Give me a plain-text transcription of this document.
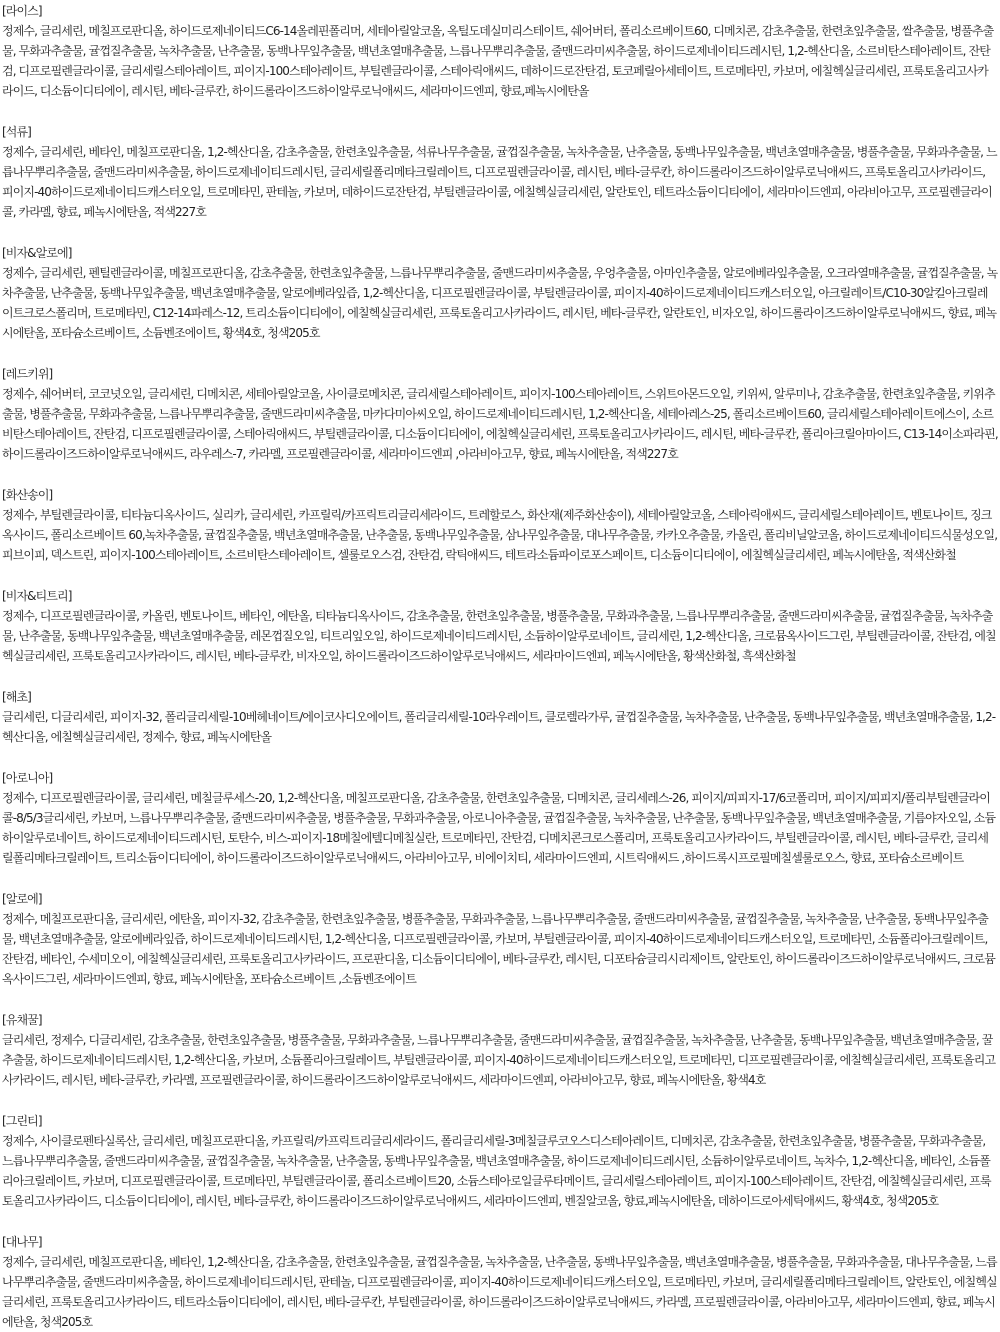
[라이스]
정제수, 글리세린, 메칠프로판디올, 하이드로제네이티드C6-14올레핀폴리머, 세테아릴알코올, 옥틸도데실미리스테이트, 쉐어버터, 폴리소르베이트60, 디메치콘, 감초추출물, 한련초잎추출물, 쌀추출물, 병풀추출물, 무화과추출물, 귤껍질추출물, 녹차추출물, 난추출물, 동백나무잎추출물, 백년초열매추출물, 느릅나무뿌리추출물, 줄맨드라미씨추출물, 하이드로제네이티드레시틴, 1,2-헥산디올, 소르비탄스테아레이트, 잔탄검, 디프로필렌글라이콜, 글리세릴스테아레이트, 피이지-100스테아레이트, 부틸렌글라이콜, 스테아릭애씨드, 데하이드로잔탄검, 토코페릴아세테이트, 트로메타민, 카보머, 에칠헥실글리세린, 프룩토올리고사카라이드, 디소듐이디티에이, 레시틴, 베타-글루칸, 하이드롤라이즈드하이알루로닉애씨드, 세라마이드엔피, 향료,페녹시에탄올
[석류]
정제수, 글리세린, 베타인, 메칠프로판디올, 1,2-헥산디올, 감초추출물, 한련초잎추출물, 석류나무추출물, 귤껍질추출물, 녹차추출물, 난추출물, 동백나무잎추출물, 백년초열매추출물, 병풀추출물, 무화과추출물, 느릅나무뿌리추출물, 줄맨드라미씨추출물, 하이드로제네이티드레시틴, 글리세릴폴리메타크릴레이트, 디프로필렌글라이콜, 레시틴, 베타-글루칸, 하이드롤라이즈드하이알루로닉애씨드, 프룩토올리고사카라이드, 피이지-40하이드로제네이티드캐스터오일, 트로메타민, 판테놀, 카보머, 데하이드로잔탄검, 부틸렌글라이콜, 에칠헥실글리세린, 알란토인, 테트라소듐이디티에이, 세라마이드엔피, 아라비아고무, 프로필렌글라이콜, 카라멜, 향료, 페녹시에탄올, 적색227호
[비자&알로에]
정제수, 글리세린, 펜틸렌글라이콜, 메칠프로판디올, 감초추출물, 한련초잎추출물, 느릅나무뿌리추출물, 줄맨드라미씨추출물, 우엉추출물, 아마인추출물, 알로에베라잎추출물, 오크라열매추출물, 귤껍질추출물, 녹차추출물, 난추출물, 동백나무잎추출물, 백년초열매추출물, 알로에베라잎즙, 1,2-헥산디올, 디프로필렌글라이콜, 부틸렌글라이콜, 피이지-40하이드로제네이티드캐스터오일, 아크릴레이트/C10-30알킬아크릴레이트크로스폴리머, 트로메타민, C12-14파레스-12, 트리소듐이디티에이, 에칠헥실글리세린, 프룩토올리고사카라이드, 레시틴, 베타-글루칸, 알란토인, 비자오일, 하이드롤라이즈드하이알루로닉애씨드, 향료, 페녹시에탄올, 포타슘소르베이트, 소듐벤조에이트, 황색4호, 청색205호
[레드키위]
정제수, 쉐어버터, 코코넛오일, 글리세린, 디메치콘, 세테아릴알코올, 사이클로메치콘, 글리세릴스테아레이트, 피이지-100스테아레이트, 스위트아몬드오일, 키위씨, 알루미나, 감초추출물, 한련초잎추출물, 키위추출물, 병풀추출물, 무화과추출물, 느릅나무뿌리추출물, 줄맨드라미씨추출물, 마카다미아씨오일, 하이드로제네이티드레시틴, 1,2-헥산디올, 세테아레스-25, 폴리소르베이트60, 글리세릴스테아레이트에스이, 소르비탄스테아레이트, 잔탄검, 디프로필렌글라이콜, 스테아릭애씨드, 부틸렌글라이콜, 디소듐이디티에이, 에칠헥실글리세린, 프룩토올리고사카라이드, 레시틴, 베타-글루칸, 폴리아크릴아마이드, C13-14이소파라핀, 하이드롤라이즈드하이알루로닉애씨드, 라우레스-7, 카라멜, 프로필렌글라이콜, 세라마이드엔피 ,아라비아고무, 향료, 페녹시에탄올, 적색227호
[화산송이]
정제수, 부틸렌글라이콜, 티타늄디옥사이드, 실리카, 글리세린, 카프릴릭/카프릭트리글리세라이드, 트레할로스, 화산재(제주화산송이), 세테아릴알코올, 스테아릭애씨드, 글리세릴스테아레이트, 벤토나이트, 징크옥사이드, 폴리소르베이트 60,녹차추출물, 귤껍질추출물, 백년초열매추출물, 난추출물, 동백나무잎추출물, 삼나무잎추출물, 대나무추출물, 카카오추출물, 카올린, 폴리비닐알코올, 하이드로제네이티드식물성오일, 피브이피, 덱스트린, 피이지-100스테아레이트, 소르비탄스테아레이트, 셀룰로오스검, 잔탄검, 락틱애씨드, 테트라소듐파이로포스페이트, 디소듐이디티에이, 에칠헥실글리세린, 페녹시에탄올, 적색산화철
[비자&티트리]
정제수, 디프로필렌글라이콜, 카올린, 벤토나이트, 베타인, 에탄올, 티타늄디옥사이드, 감초추출물, 한련초잎추출물, 병풀추출물, 무화과추출물, 느릅나무뿌리추출물, 줄맨드라미씨추출물, 귤껍질추출물, 녹차추출물, 난추출물, 동백나무잎추출물, 백년초열매추출물, 레몬껍질오일, 티트리잎오일, 하이드로제네이티드레시틴, 소듐하이알루로네이트, 글리세린, 1,2-헥산디올, 크로뮴옥사이드그린, 부틸렌글라이콜, 잔탄검, 에칠헥실글리세린, 프룩토올리고사카라이드, 레시틴, 베타-글루칸, 비자오일, 하이드롤라이즈드하이알루로닉애씨드, 세라마이드엔피, 페녹시에탄올, 황색산화철, 흑색산화철
[해초]
글리세린, 디글리세린, 피이지-32, 폴리글리세릴-10베헤네이트/에이코사디오에이트, 폴리글리세릴-10라우레이트, 클로렐라가루, 귤껍질추출물, 녹차추출물, 난추출물, 동백나무잎추출물, 백년초열매추출물, 1,2-헥산디올, 에칠헥실글리세린, 정제수, 향료, 페녹시에탄올
[아로니아]
정제수, 디프로필렌글라이콜, 글리세린, 메칠글루세스-20, 1,2-헥산디올, 메칠프로판디올, 감초추출물, 한련초잎추출물, 디메치콘, 글리세레스-26, 피이지/피피지-17/6코폴리머, 피이지/피피지/폴리부틸렌글라이콜-8/5/3글리세린, 카보머, 느릅나무뿌리추출물, 줄맨드라미씨추출물, 병풀추출물, 무화과추출물, 아로니아추출물, 귤껍질추출물, 녹차추출물, 난추출물, 동백나무잎추출물, 백년초열매추출물, 기름야자오일, 소듐하이알루로네이트, 하이드로제네이티드레시틴, 토탄수, 비스-피이지-18메칠에텔디메칠실란, 트로메타민, 잔탄검, 디메치콘크로스폴리머, 프룩토올리고사카라이드, 부틸렌글라이콜, 레시틴, 베타-글루칸, 글리세릴폴리메타크릴레이트, 트리소듐이디티에이, 하이드롤라이즈드하이알루로닉애씨드, 아라비아고무, 비에이치티, 세라마이드엔피, 시트릭애씨드 ,하이드록시프로필메칠셀룰로오스, 향료, 포타슘소르베이트
[알로에]
정제수, 메칠프로판디올, 글리세린, 에탄올, 피이지-32, 감초추출물, 한련초잎추출물, 병풀추출물, 무화과추출물, 느릅나무뿌리추출물, 줄맨드라미씨추출물, 귤껍질추출물, 녹차추출물, 난추출물, 동백나무잎추출물, 백년초열매추출물, 알로에베라잎즙, 하이드로제네이티드레시틴, 1,2-헥산디올, 디프로필렌글라이콜, 카보머, 부틸렌글라이콜, 피이지-40하이드로제네이티드캐스터오일, 트로메타민, 소듐폴리아크릴레이트, 잔탄검, 베타인, 수세미오이, 에칠헥실글리세린, 프룩토올리고사카라이드, 프로판디올, 디소듐이디티에이, 베타-글루칸, 레시틴, 디포타슘글리시리제이트, 알란토인, 하이드롤라이즈드하이알루로닉애씨드, 크로뮴옥사이드그린, 세라마이드엔피, 향료, 페녹시에탄올, 포타슘소르베이트 ,소듐벤조에이트
[유채꿀]
글리세린, 정제수, 디글리세린, 감초추출물, 한련초잎추출물, 병풀추출물, 무화과추출물, 느릅나무뿌리추출물, 줄맨드라미씨추출물, 귤껍질추출물, 녹차추출물, 난추출물, 동백나무잎추출물, 백년초열매추출물, 꿀추출물, 하이드로제네이티드레시틴, 1,2-헥산디올, 카보머, 소듐폴리아크릴레이트, 부틸렌글라이콜, 피이지-40하이드로제네이티드캐스터오일, 트로메타민, 디프로필렌글라이콜, 에칠헥실글리세린, 프룩토올리고사카라이드, 레시틴, 베타-글루칸, 카라멜, 프로필렌글라이콜, 하이드롤라이즈드하이알루로닉애씨드, 세라마이드엔피, 아라비아고무, 향료, 페녹시에탄올, 황색4호
[그린티]
정제수, 사이클로펜타실록산, 글리세린, 메칠프로판디올, 카프릴릭/카프릭트리글리세라이드, 폴리글리세릴-3메칠글루코오스디스테아레이트, 디메치콘, 감초추출물, 한련초잎추출물, 병풀추출물, 무화과추출물, 느릅나무뿌리추출물, 줄맨드라미씨추출물, 귤껍질추출물, 녹차추출물, 난추출물, 동백나무잎추출물, 백년초열매추출물, 하이드로제네이티드레시틴, 소듐하이알루로네이트, 녹차수, 1,2-헥산디올, 베타인, 소듐폴리아크릴레이트, 카보머, 디프로필렌글라이콜, 트로메타민, 부틸렌글라이콜, 폴리소르베이트20, 소듐스테아로일글루타메이트, 글리세릴스테아레이트, 피이지-100스테아레이트, 잔탄검, 에칠헥실글리세린, 프룩토올리고사카라이드, 디소듐이디티에이, 레시틴, 베타-글루칸, 하이드롤라이즈드하이알루로닉애씨드, 세라마이드엔피, 벤질알코올, 향료,페녹시에탄올, 데하이드로아세틱애씨드, 황색4호, 청색205호
[대나무]
정제수, 글리세린, 메칠프로판디올, 베타인, 1,2-헥산디올, 감초추출물, 한련초잎추출물, 귤껍질추출물, 녹차추출물, 난추출물, 동백나무잎추출물, 백년초열매추출물, 병풀추출물, 무화과추출물, 대나무추출물, 느릅나무뿌리추출물, 줄맨드라미씨추출물, 하이드로제네이티드레시틴, 판테놀, 디프로필렌글라이콜, 피이지-40하이드로제네이티드캐스터오일, 트로메타민, 카보머, 글리세릴폴리메타크릴레이트, 알란토인, 에칠헥실글리세린, 프룩토올리고사카라이드, 테트라소듐이디티에이, 레시틴, 베타-글루칸, 부틸렌글라이콜, 하이드롤라이즈드하이알루로닉애씨드, 카라멜, 프로필렌글라이콜, 아라비아고무, 세라마이드엔피, 향료, 페녹시에탄올, 청색205호
